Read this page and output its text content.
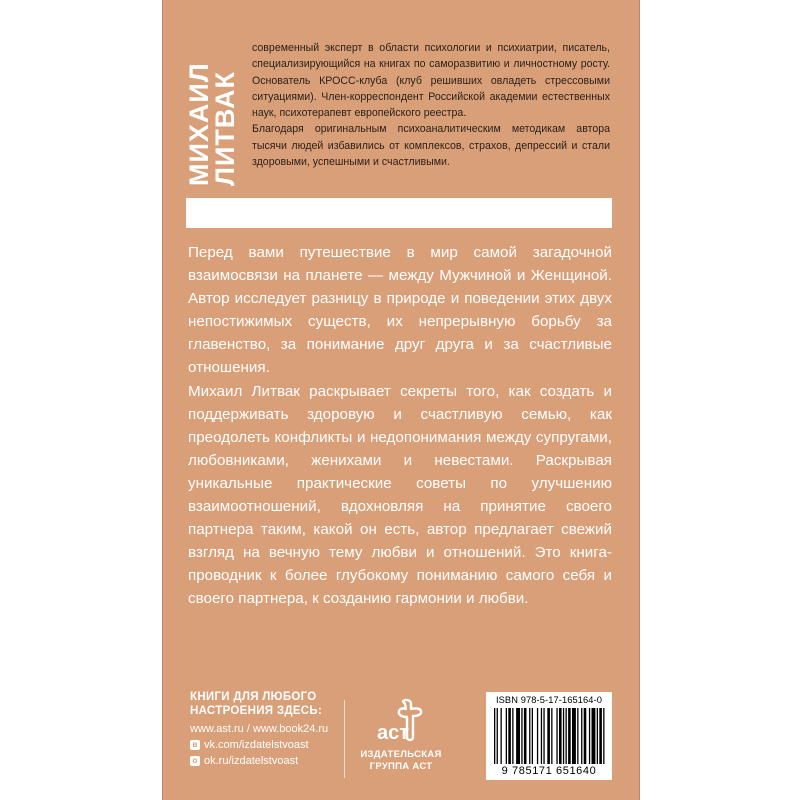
МИХАИЛ
ЛИТВАК

современный эксперт в области психологии и психиатрии, писатель, специализирующийся на книгах по саморазвитию и личностному росту. Основатель КРОСС-клуба (клуб решивших овладеть стрессовыми ситуациями). Член-корреспондент Российской академии естественных наук, психотерапевт европейского реестра.

Благодаря оригинальным психоаналитическим методикам автора тысячи людей избавились от комплексов, страхов, депрессий и стали здоровыми, успешными и счастливыми.

Перед вами путешествие в мир самой загадочной взаимосвязи на планете — между Мужчиной и Женщиной. Автор исследует разницу в природе и поведении этих двух непостижимых существ, их непрерывную борьбу за главенство, за понимание друг друга и за счастливые отношения.

Михаил Литвак раскрывает секреты того, как создать и поддерживать здоровую и счастливую семью, как преодолеть конфликты и недопонимания между супругами, любовниками, женихами и невестами. Раскрывая уникальные практические советы по улучшению взаимоотношений, вдохновляя на принятие своего партнера таким, какой он есть, автор предлагает свежий взгляд на вечную тему любви и отношений. Это книга-проводник к более глубокому пониманию самого себя и своего партнера, к созданию гармонии и любви.

КНИГИ ДЛЯ ЛЮБОГО
НАСТРОЕНИЯ ЗДЕСЬ:
www.ast.ru / www.book24.ru
в vk.com/izdatelstvoast
о ok.ru/izdatelstvoast
аст
ИЗДАТЕЛЬСКАЯ
ГРУППА АСТ
ISBN 978-5-17-165164-0
9 785171 651640
